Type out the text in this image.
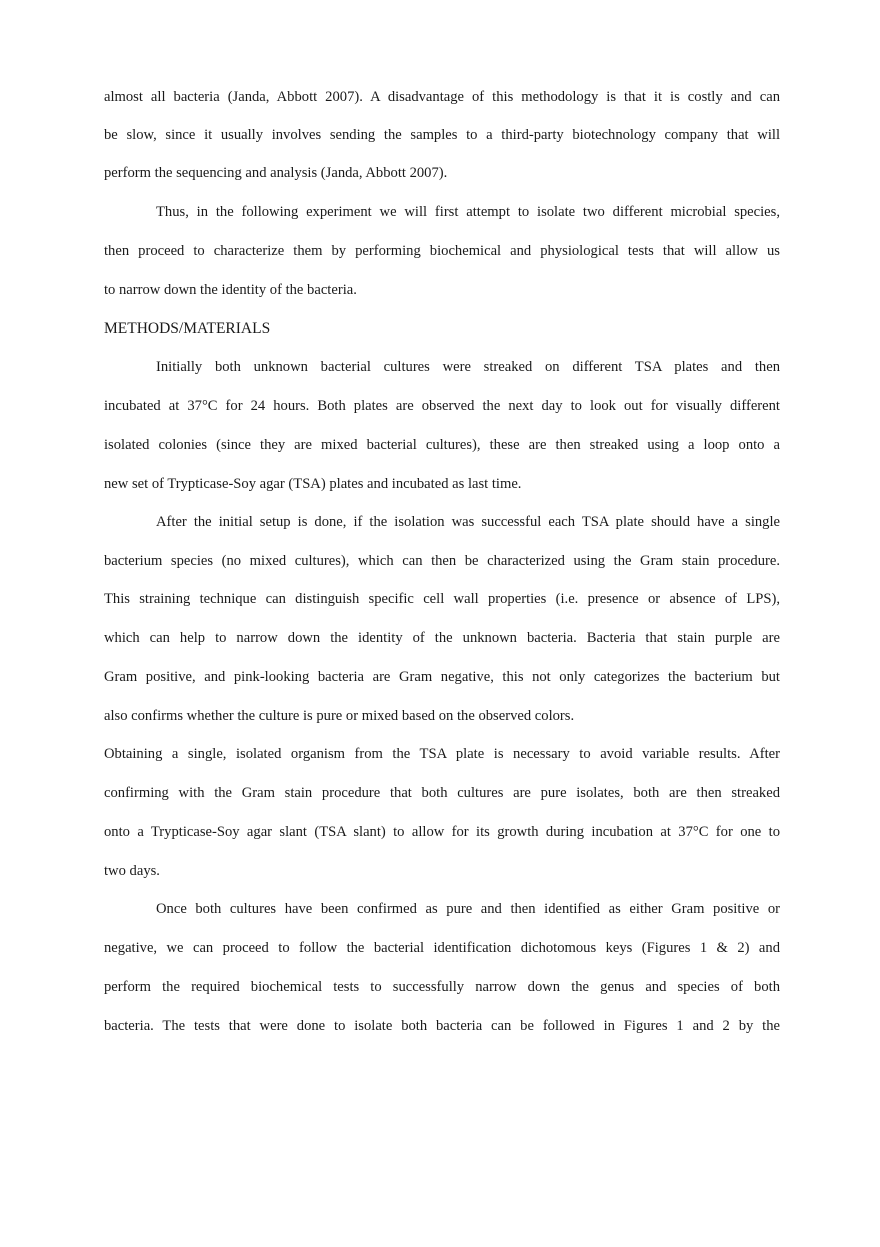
almost all bacteria (Janda, Abbott 2007). A disadvantage of this methodology is that it is costly and can
be slow, since it usually involves sending the samples to a third-party biotechnology company that will
perform the sequencing and analysis (Janda, Abbott 2007).
Thus, in the following experiment we will first attempt to isolate two different microbial species,
then proceed to characterize them by performing biochemical and physiological tests that will allow us
to narrow down the identity of the bacteria.
METHODS/MATERIALS
Initially both unknown bacterial cultures were streaked on different TSA plates and then
incubated at 37°C for 24 hours. Both plates are observed the next day to look out for visually different
isolated colonies (since they are mixed bacterial cultures), these are then streaked using a loop onto a
new set of Trypticase-Soy agar (TSA) plates and incubated as last time.
After the initial setup is done, if the isolation was successful each TSA plate should have a single
bacterium species (no mixed cultures), which can then be characterized using the Gram stain procedure.
This straining technique can distinguish specific cell wall properties (i.e. presence or absence of LPS),
which can help to narrow down the identity of the unknown bacteria. Bacteria that stain purple are
Gram positive, and pink-looking bacteria are Gram negative, this not only categorizes the bacterium but
also confirms whether the culture is pure or mixed based on the observed colors.
Obtaining a single, isolated organism from the TSA plate is necessary to avoid variable results. After
confirming with the Gram stain procedure that both cultures are pure isolates, both are then streaked
onto a Trypticase-Soy agar slant (TSA slant) to allow for its growth during incubation at 37°C for one to
two days.
Once both cultures have been confirmed as pure and then identified as either Gram positive or
negative, we can proceed to follow the bacterial identification dichotomous keys (Figures 1 & 2) and
perform the required biochemical tests to successfully narrow down the genus and species of both
bacteria. The tests that were done to isolate both bacteria can be followed in Figures 1 and 2 by the
